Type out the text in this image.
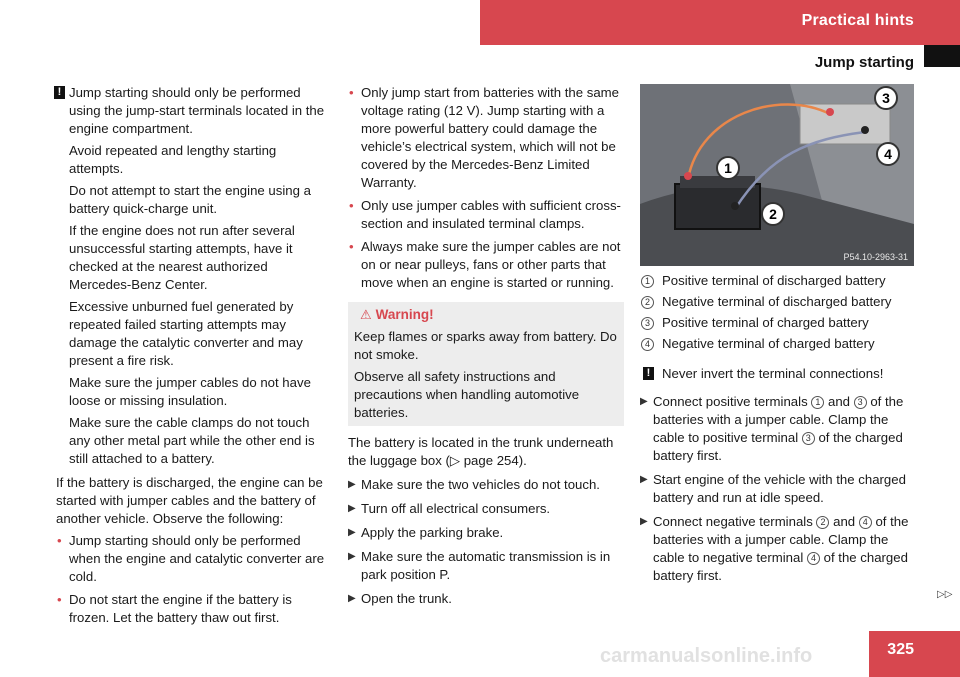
Practical hints
Jump starting
! Jump starting should only be performed using the jump-start terminals located in the engine compartment.

Avoid repeated and lengthy starting attempts.

Do not attempt to start the engine using a battery quick-charge unit.

If the engine does not run after several unsuccessful starting attempts, have it checked at the nearest authorized Mercedes-Benz Center.

Excessive unburned fuel generated by repeated failed starting attempts may damage the catalytic converter and may present a fire risk.

Make sure the jumper cables do not have loose or missing insulation.

Make sure the cable clamps do not touch any other metal part while the other end is still attached to a battery.

If the battery is discharged, the engine can be started with jumper cables and the battery of another vehicle. Observe the following:

• Jump starting should only be performed when the engine and catalytic converter are cold.
• Do not start the engine if the battery is frozen. Let the battery thaw out first.
• Only jump start from batteries with the same voltage rating (12 V). Jump starting with a more powerful battery could damage the vehicle’s electrical system, which will not be covered by the Mercedes-Benz Limited Warranty.
• Only use jumper cables with sufficient cross-section and insulated terminal clamps.
• Always make sure the jumper cables are not on or near pulleys, fans or other parts that move when an engine is started or running.
⚠ Warning!

Keep flames or sparks away from battery. Do not smoke.

Observe all safety instructions and precautions when handling automotive batteries.

The battery is located in the trunk underneath the luggage box (▷ page 254).

▶ Make sure the two vehicles do not touch.
▶ Turn off all electrical consumers.
▶ Apply the parking brake.
▶ Make sure the automatic transmission is in park position P.
▶ Open the trunk.
1
2
3
4
P54.10-2963-31
1 Positive terminal of discharged battery
2 Negative terminal of discharged battery
3 Positive terminal of charged battery
4 Negative terminal of charged battery
! Never invert the terminal connections!
▶ Connect positive terminals 1 and 3 of the batteries with a jumper cable. Clamp the cable to positive terminal 3 of the charged battery first.
▶ Start engine of the vehicle with the charged battery and run at idle speed.
▶ Connect negative terminals 2 and 4 of the batteries with a jumper cable. Clamp the cable to negative terminal 4 of the charged battery first.
▷▷
325
carmanualsonline.info
